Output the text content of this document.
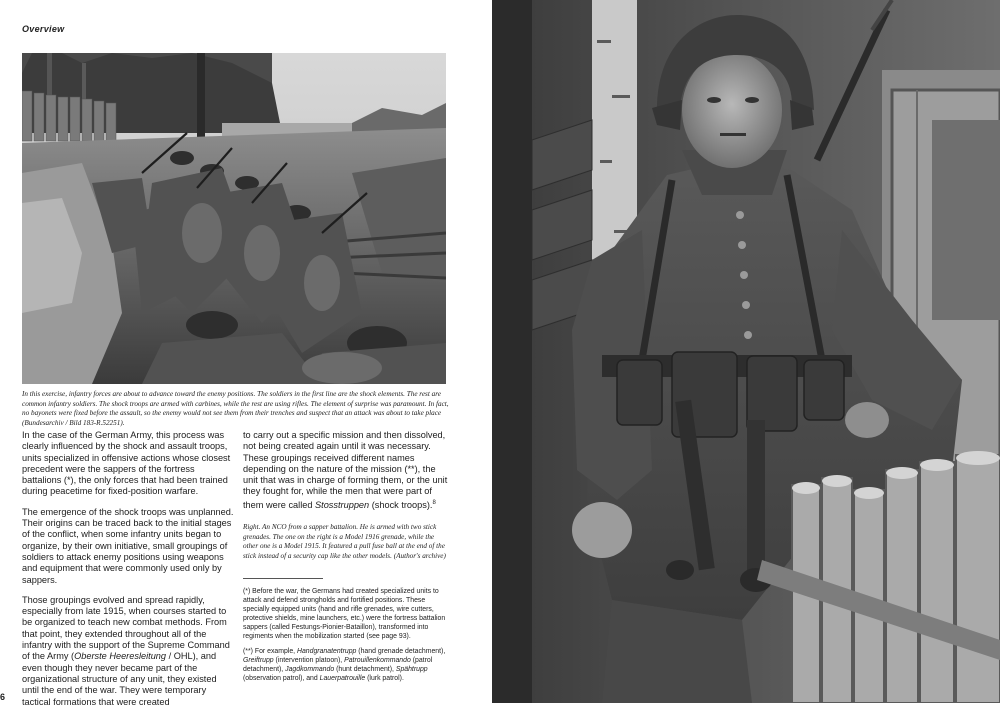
Overview
In this exercise, infantry forces are about to advance toward the enemy positions. The soldiers in the first line are the shock elements. The rest are common infantry soldiers. The shock troops are armed with carbines, while the rest are using rifles. The element of surprise was paramount. In fact, no bayonets were fixed before the assault, so the enemy would not see them from their trenches and suspect that an attack was about to take place (Bundesarchiv / Bild 183-R.52251).

In the case of the German Army, this process was clearly influenced by the shock and assault troops, units specialized in offensive actions whose closest precedent were the sappers of the fortress battalions (*), the only forces that had been trained during peacetime for fixed-position warfare.

The emergence of the shock troops was unplanned. Their origins can be traced back to the initial stages of the conflict, when some infantry units began to organize, by their own initiative, small groupings of soldiers to attack enemy positions using weapons and equipment that were commonly used only by sappers.

Those groupings evolved and spread rapidly, especially from late 1915, when courses started to be organized to teach new combat methods. From that point, they extended throughout all of the infantry with the support of the Supreme Command of the Army (Oberste Heeresleitung / OHL), and even though they never became part of the organizational structure of any unit, they existed until the end of the war. They were temporary tactical formations that were created

to carry out a specific mission and then dissolved, not being created again until it was necessary. These groupings received different names depending on the nature of the mission (**), the unit that was in charge of forming them, or the unit they fought for, while the men that were part of them were called Stosstruppen (shock troops).$^8$

Right. An NCO from a sapper battalion. He is armed with two stick grenades. The one on the right is a Model 1916 grenade, while the other one is a Model 1915. It featured a pull fuse ball at the end of the stick instead of a security cap like the other models. (Author's archive)

(*) Before the war, the Germans had created specialized units to attack and defend strongholds and fortified positions. These specially equipped units (hand and rifle grenades, wire cutters, protective shields, mine launchers, etc.) were the fortress battalion sappers (called Festungs-Pionier-Bataillon), transformed into regiments when the mobilization started (see page 93).

(**) For example, Handgranatentrupp (hand grenade detachment), Greiftrupp (intervention platoon), Patrouillenkommando (patrol detachment), Jagdkommando (hunt detachment), Spähtrupp (observation patrol), and Lauerpatrouille (lurk patrol).

6
